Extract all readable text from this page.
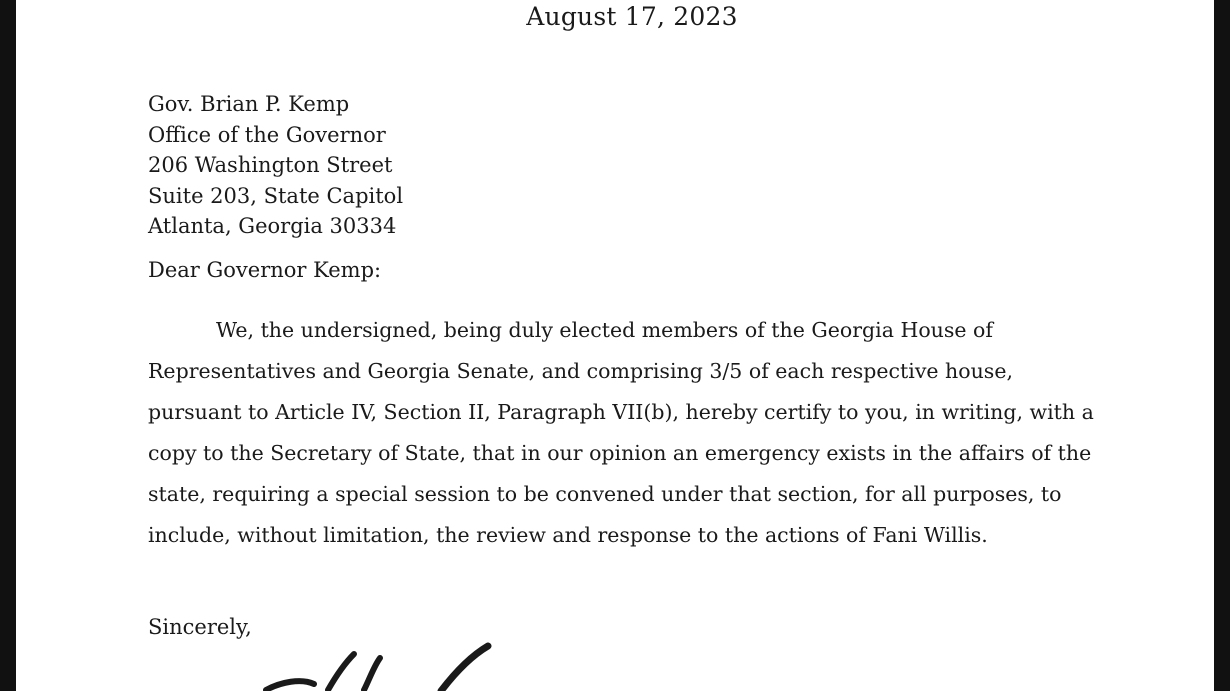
August 17, 2023
Gov. Brian P. Kemp
Office of the Governor
206 Washington Street
Suite 203, State Capitol
Atlanta, Georgia 30334
Dear Governor Kemp:
We, the undersigned, being duly elected members of the Georgia House of
Representatives and Georgia Senate, and comprising 3/5 of each respective house,
pursuant to Article IV, Section II, Paragraph VII(b), hereby certify to you, in writing, with a
copy to the Secretary of State, that in our opinion an emergency exists in the affairs of the
state, requiring a special session to be convened under that section, for all purposes, to
include, without limitation, the review and response to the actions of Fani Willis.
Sincerely,
